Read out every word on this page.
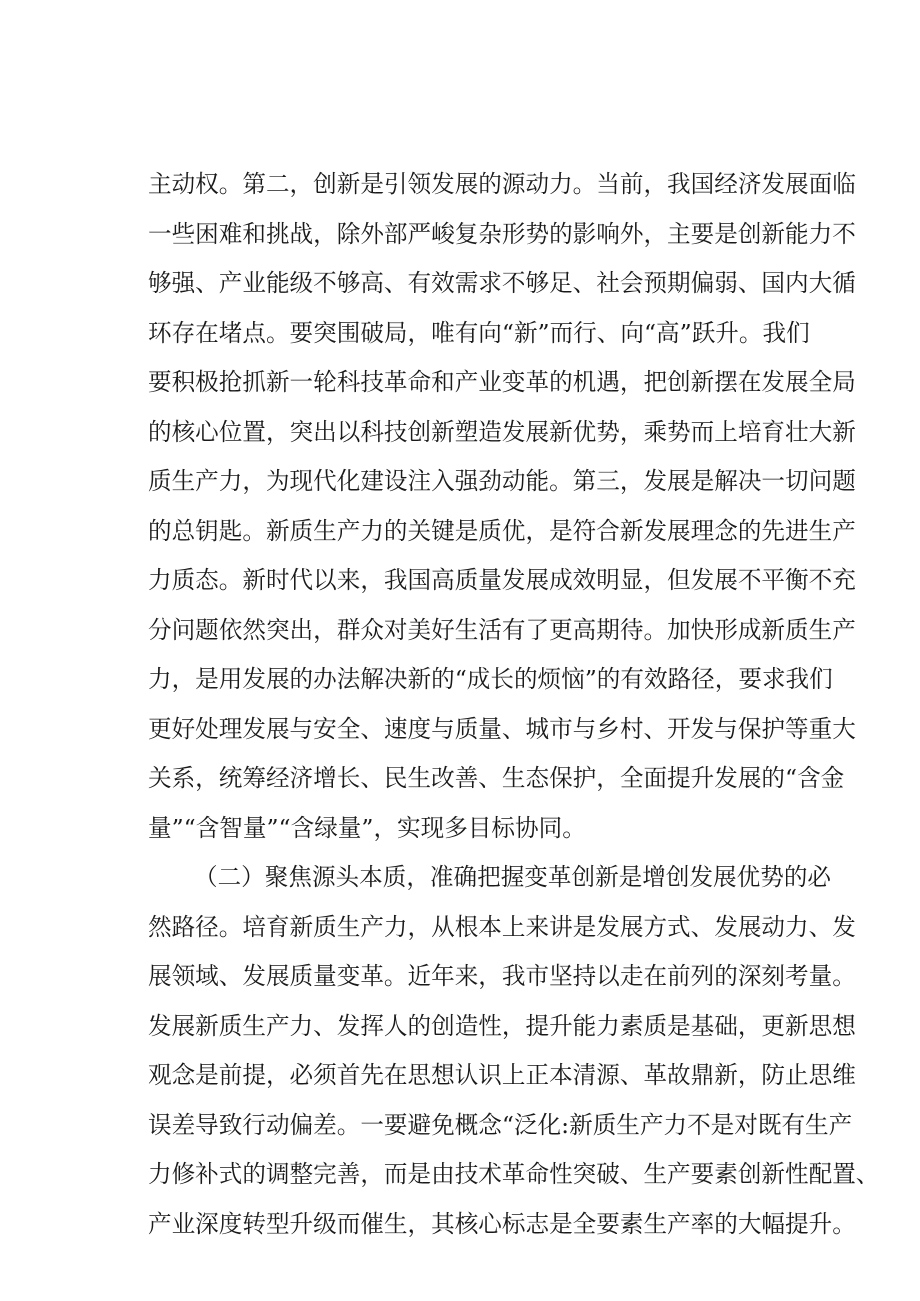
主动权。第二，创新是引领发展的源动力。当前，我国经济发展面临
一些困难和挑战，除外部严峻复杂形势的影响外，主要是创新能力不
够强、产业能级不够高、有效需求不够足、社会预期偏弱、国内大循
环存在堵点。要突围破局，唯有向“新”而行、向“高”跃升。我们
要积极抢抓新一轮科技革命和产业变革的机遇，把创新摆在发展全局
的核心位置，突出以科技创新塑造发展新优势，乘势而上培育壮大新
质生产力，为现代化建设注入强劲动能。第三，发展是解决一切问题
的总钥匙。新质生产力的关键是质优，是符合新发展理念的先进生产
力质态。新时代以来，我国高质量发展成效明显，但发展不平衡不充
分问题依然突出，群众对美好生活有了更高期待。加快形成新质生产
力，是用发展的办法解决新的“成长的烦恼”的有效路径，要求我们
更好处理发展与安全、速度与质量、城市与乡村、开发与保护等重大
关系，统筹经济增长、民生改善、生态保护，全面提升发展的“含金
量”“含智量”“含绿量”，实现多目标协同。
（二）聚焦源头本质，准确把握变革创新是增创发展优势的必
然路径。培育新质生产力，从根本上来讲是发展方式、发展动力、发
展领域、发展质量变革。近年来，我市坚持以走在前列的深刻考量。
发展新质生产力、发挥人的创造性，提升能力素质是基础，更新思想
观念是前提，必须首先在思想认识上正本清源、革故鼎新，防止思维
误差导致行动偏差。一要避免概念“泛化:新质生产力不是对既有生产
力修补式的调整完善，而是由技术革命性突破、生产要素创新性配置、
产业深度转型升级而催生，其核心标志是全要素生产率的大幅提升。
